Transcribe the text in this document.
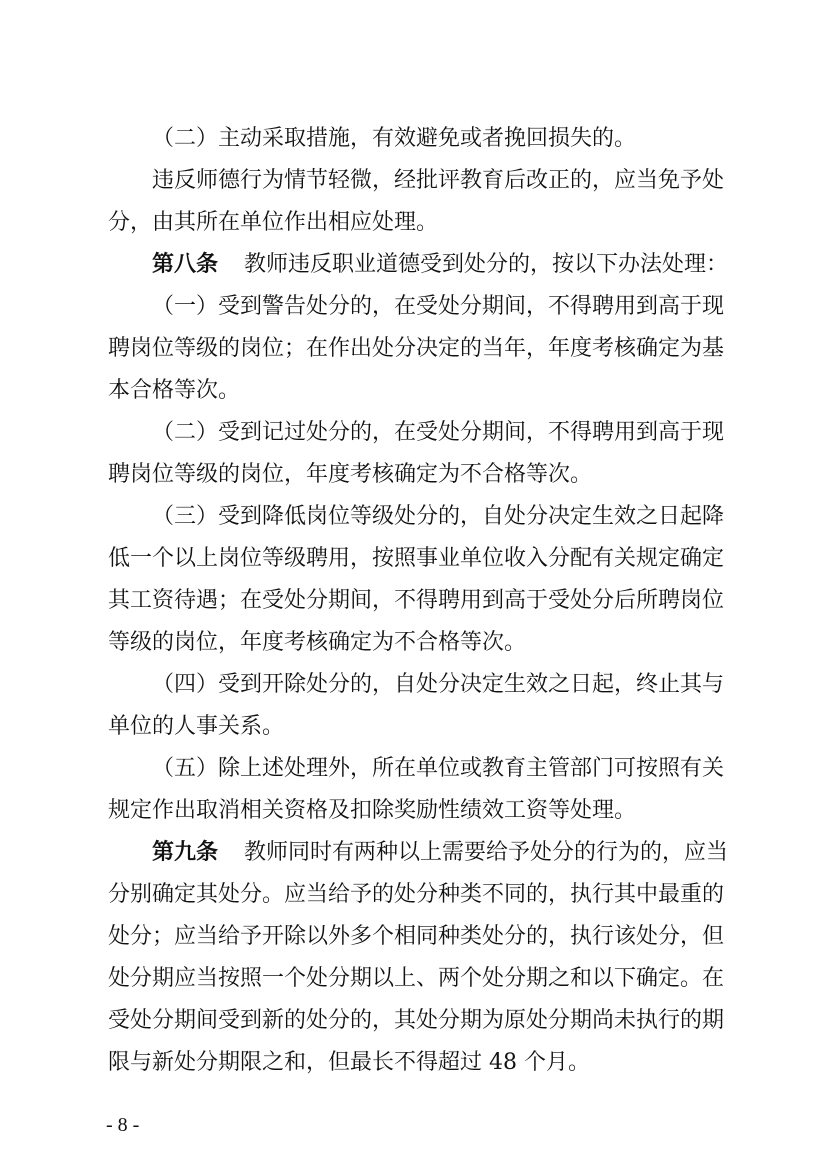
（二）主动采取措施，有效避免或者挽回损失的。
违反师德行为情节轻微，经批评教育后改正的，应当免予处
分，由其所在单位作出相应处理。
第八条 教师违反职业道德受到处分的，按以下办法处理：
（一）受到警告处分的，在受处分期间，不得聘用到高于现
聘岗位等级的岗位；在作出处分决定的当年，年度考核确定为基
本合格等次。
（二）受到记过处分的，在受处分期间，不得聘用到高于现
聘岗位等级的岗位，年度考核确定为不合格等次。
（三）受到降低岗位等级处分的，自处分决定生效之日起降
低一个以上岗位等级聘用，按照事业单位收入分配有关规定确定
其工资待遇；在受处分期间，不得聘用到高于受处分后所聘岗位
等级的岗位，年度考核确定为不合格等次。
（四）受到开除处分的，自处分决定生效之日起，终止其与
单位的人事关系。
（五）除上述处理外，所在单位或教育主管部门可按照有关
规定作出取消相关资格及扣除奖励性绩效工资等处理。
第九条 教师同时有两种以上需要给予处分的行为的，应当
分别确定其处分。应当给予的处分种类不同的，执行其中最重的
处分；应当给予开除以外多个相同种类处分的，执行该处分，但
处分期应当按照一个处分期以上、两个处分期之和以下确定。在
受处分期间受到新的处分的，其处分期为原处分期尚未执行的期
限与新处分期限之和，但最长不得超过 48 个月。
- 8 -
